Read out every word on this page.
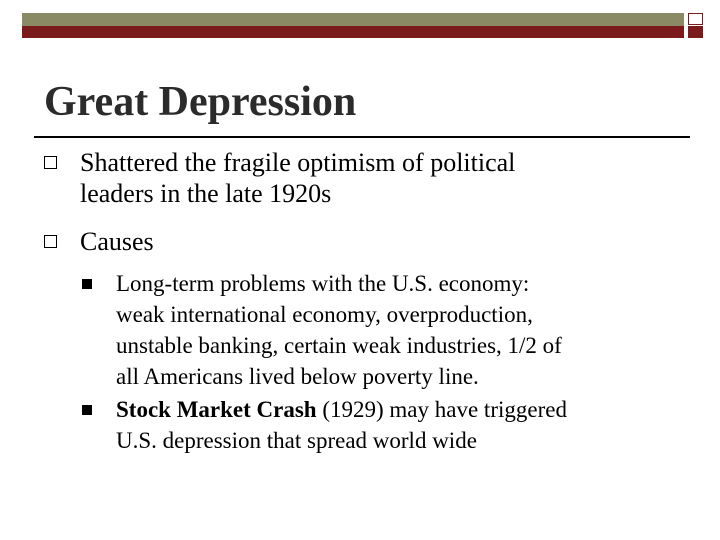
Great Depression
Shattered the fragile optimism of political
leaders in the late 1920s
Causes
Long-term problems with the U.S. economy:
weak international economy, overproduction,
unstable banking, certain weak industries, 1/2 of
all Americans lived below poverty line.
Stock Market Crash (1929) may have triggered
U.S. depression that spread world wide
